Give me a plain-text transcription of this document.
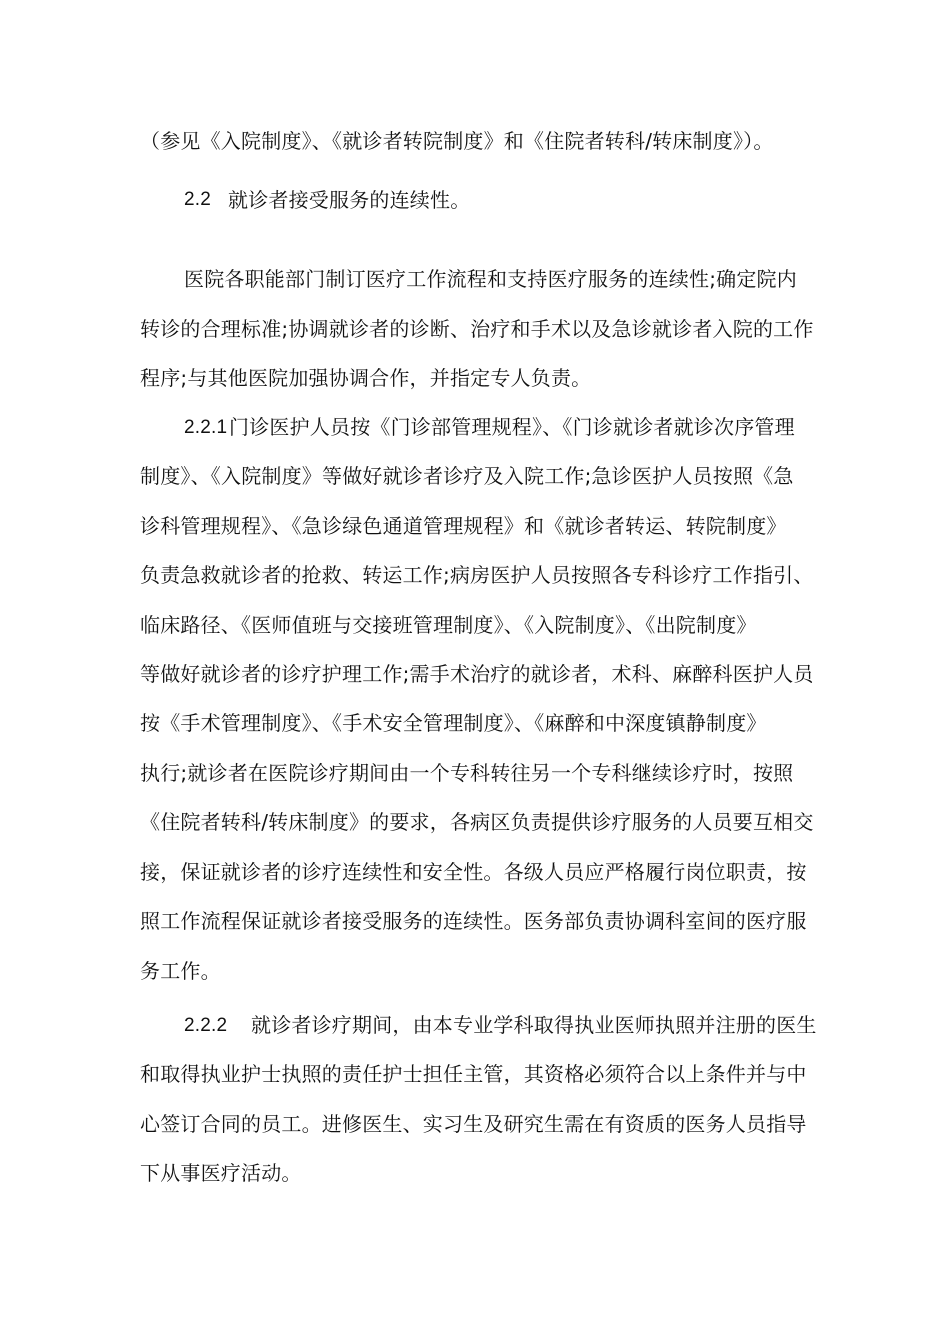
（参见《入院制度》、《就诊者转院制度》和《住院者转科/转床制度》）。
2.2 就诊者接受服务的连续性。
医院各职能部门制订医疗工作流程和支持医疗服务的连续性;确定院内
转诊的合理标准;协调就诊者的诊断、治疗和手术以及急诊就诊者入院的工作
程序;与其他医院加强协调合作，并指定专人负责。
2.2.1 门诊医护人员按《门诊部管理规程》、《门诊就诊者就诊次序管理
制度》、《入院制度》等做好就诊者诊疗及入院工作;急诊医护人员按照《急
诊科管理规程》、《急诊绿色通道管理规程》和《就诊者转运、转院制度》
负责急救就诊者的抢救、转运工作;病房医护人员按照各专科诊疗工作指引、
临床路径、《医师值班与交接班管理制度》、《入院制度》、《出院制度》
等做好就诊者的诊疗护理工作;需手术治疗的就诊者，术科、麻醉科医护人员
按《手术管理制度》、《手术安全管理制度》、《麻醉和中深度镇静制度》
执行;就诊者在医院诊疗期间由一个专科转往另一个专科继续诊疗时，按照
《住院者转科/转床制度》的要求，各病区负责提供诊疗服务的人员要互相交
接，保证就诊者的诊疗连续性和安全性。各级人员应严格履行岗位职责，按
照工作流程保证就诊者接受服务的连续性。医务部负责协调科室间的医疗服
务工作。
2.2.2 就诊者诊疗期间，由本专业学科取得执业医师执照并注册的医生
和取得执业护士执照的责任护士担任主管，其资格必须符合以上条件并与中
心签订合同的员工。进修医生、实习生及研究生需在有资质的医务人员指导
下从事医疗活动。
